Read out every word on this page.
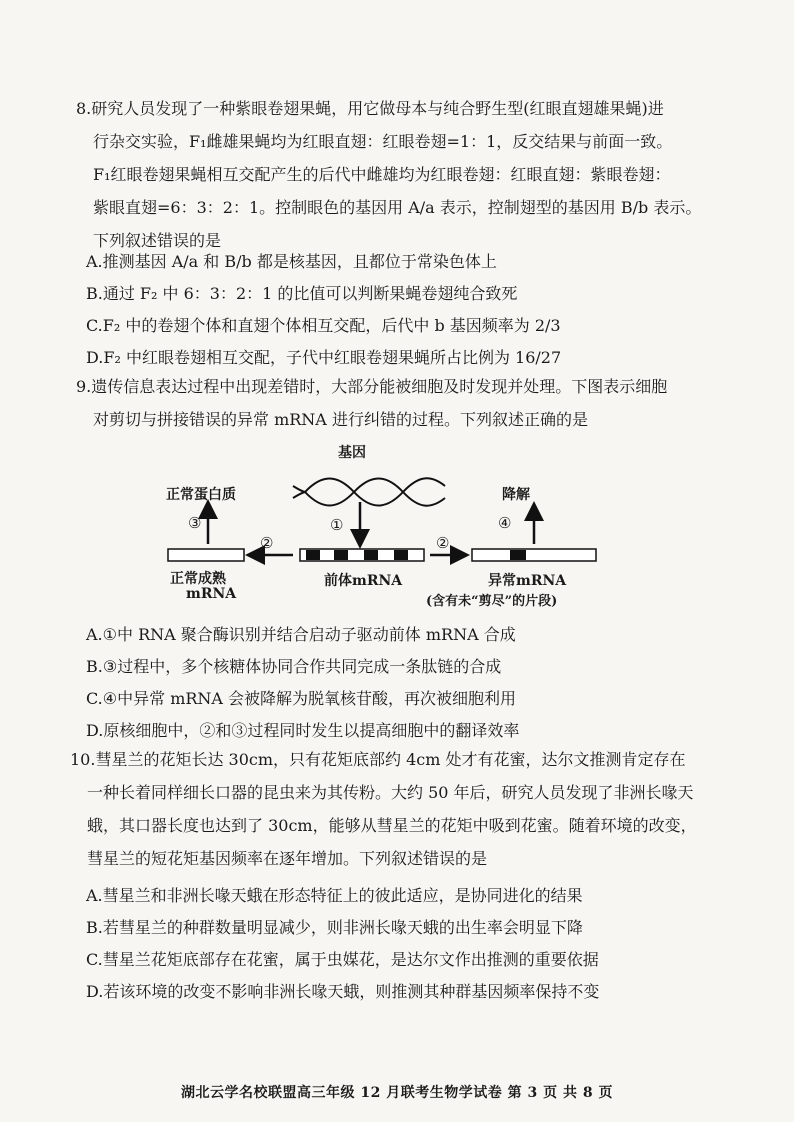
8.研究人员发现了一种紫眼卷翅果蝇，用它做母本与纯合野生型(红眼直翅雄果蝇)进
行杂交实验，F₁雌雄果蝇均为红眼直翅：红眼卷翅=1：1，反交结果与前面一致。
F₁红眼卷翅果蝇相互交配产生的后代中雌雄均为红眼卷翅：红眼直翅：紫眼卷翅：
紫眼直翅=6：3：2：1。控制眼色的基因用 A/a 表示，控制翅型的基因用 B/b 表示。
下列叙述错误的是
A.推测基因 A/a 和 B/b 都是核基因，且都位于常染色体上
B.通过 F₂ 中 6：3：2：1 的比值可以判断果蝇卷翅纯合致死
C.F₂ 中的卷翅个体和直翅个体相互交配，后代中 b 基因频率为 2/3
D.F₂ 中红眼卷翅相互交配，子代中红眼卷翅果蝇所占比例为 16/27
9.遗传信息表达过程中出现差错时，大部分能被细胞及时发现并处理。下图表示细胞
对剪切与拼接错误的异常 mRNA 进行纠错的过程。下列叙述正确的是
基因
正常蛋白质	降解
③	①
②	②
④
正常成熟
mRNA
前体mRNA	异常mRNA
(含有未“剪尽”的片段)
A.①中 RNA 聚合酶识别并结合启动子驱动前体 mRNA 合成
B.③过程中，多个核糖体协同合作共同完成一条肽链的合成
C.④中异常 mRNA 会被降解为脱氧核苷酸，再次被细胞利用
D.原核细胞中，②和③过程同时发生以提高细胞中的翻译效率
10.彗星兰的花矩长达 30cm，只有花矩底部约 4cm 处才有花蜜，达尔文推测肯定存在
一种长着同样细长口器的昆虫来为其传粉。大约 50 年后，研究人员发现了非洲长喙天
蛾，其口器长度也达到了 30cm，能够从彗星兰的花矩中吸到花蜜。随着环境的改变，
彗星兰的短花矩基因频率在逐年增加。下列叙述错误的是
A.彗星兰和非洲长喙天蛾在形态特征上的彼此适应，是协同进化的结果
B.若彗星兰的种群数量明显减少，则非洲长喙天蛾的出生率会明显下降
C.彗星兰花矩底部存在花蜜，属于虫媒花，是达尔文作出推测的重要依据
D.若该环境的改变不影响非洲长喙天蛾，则推测其种群基因频率保持不变
湖北云学名校联盟高三年级 12 月联考生物学试卷 第 3 页 共 8 页
